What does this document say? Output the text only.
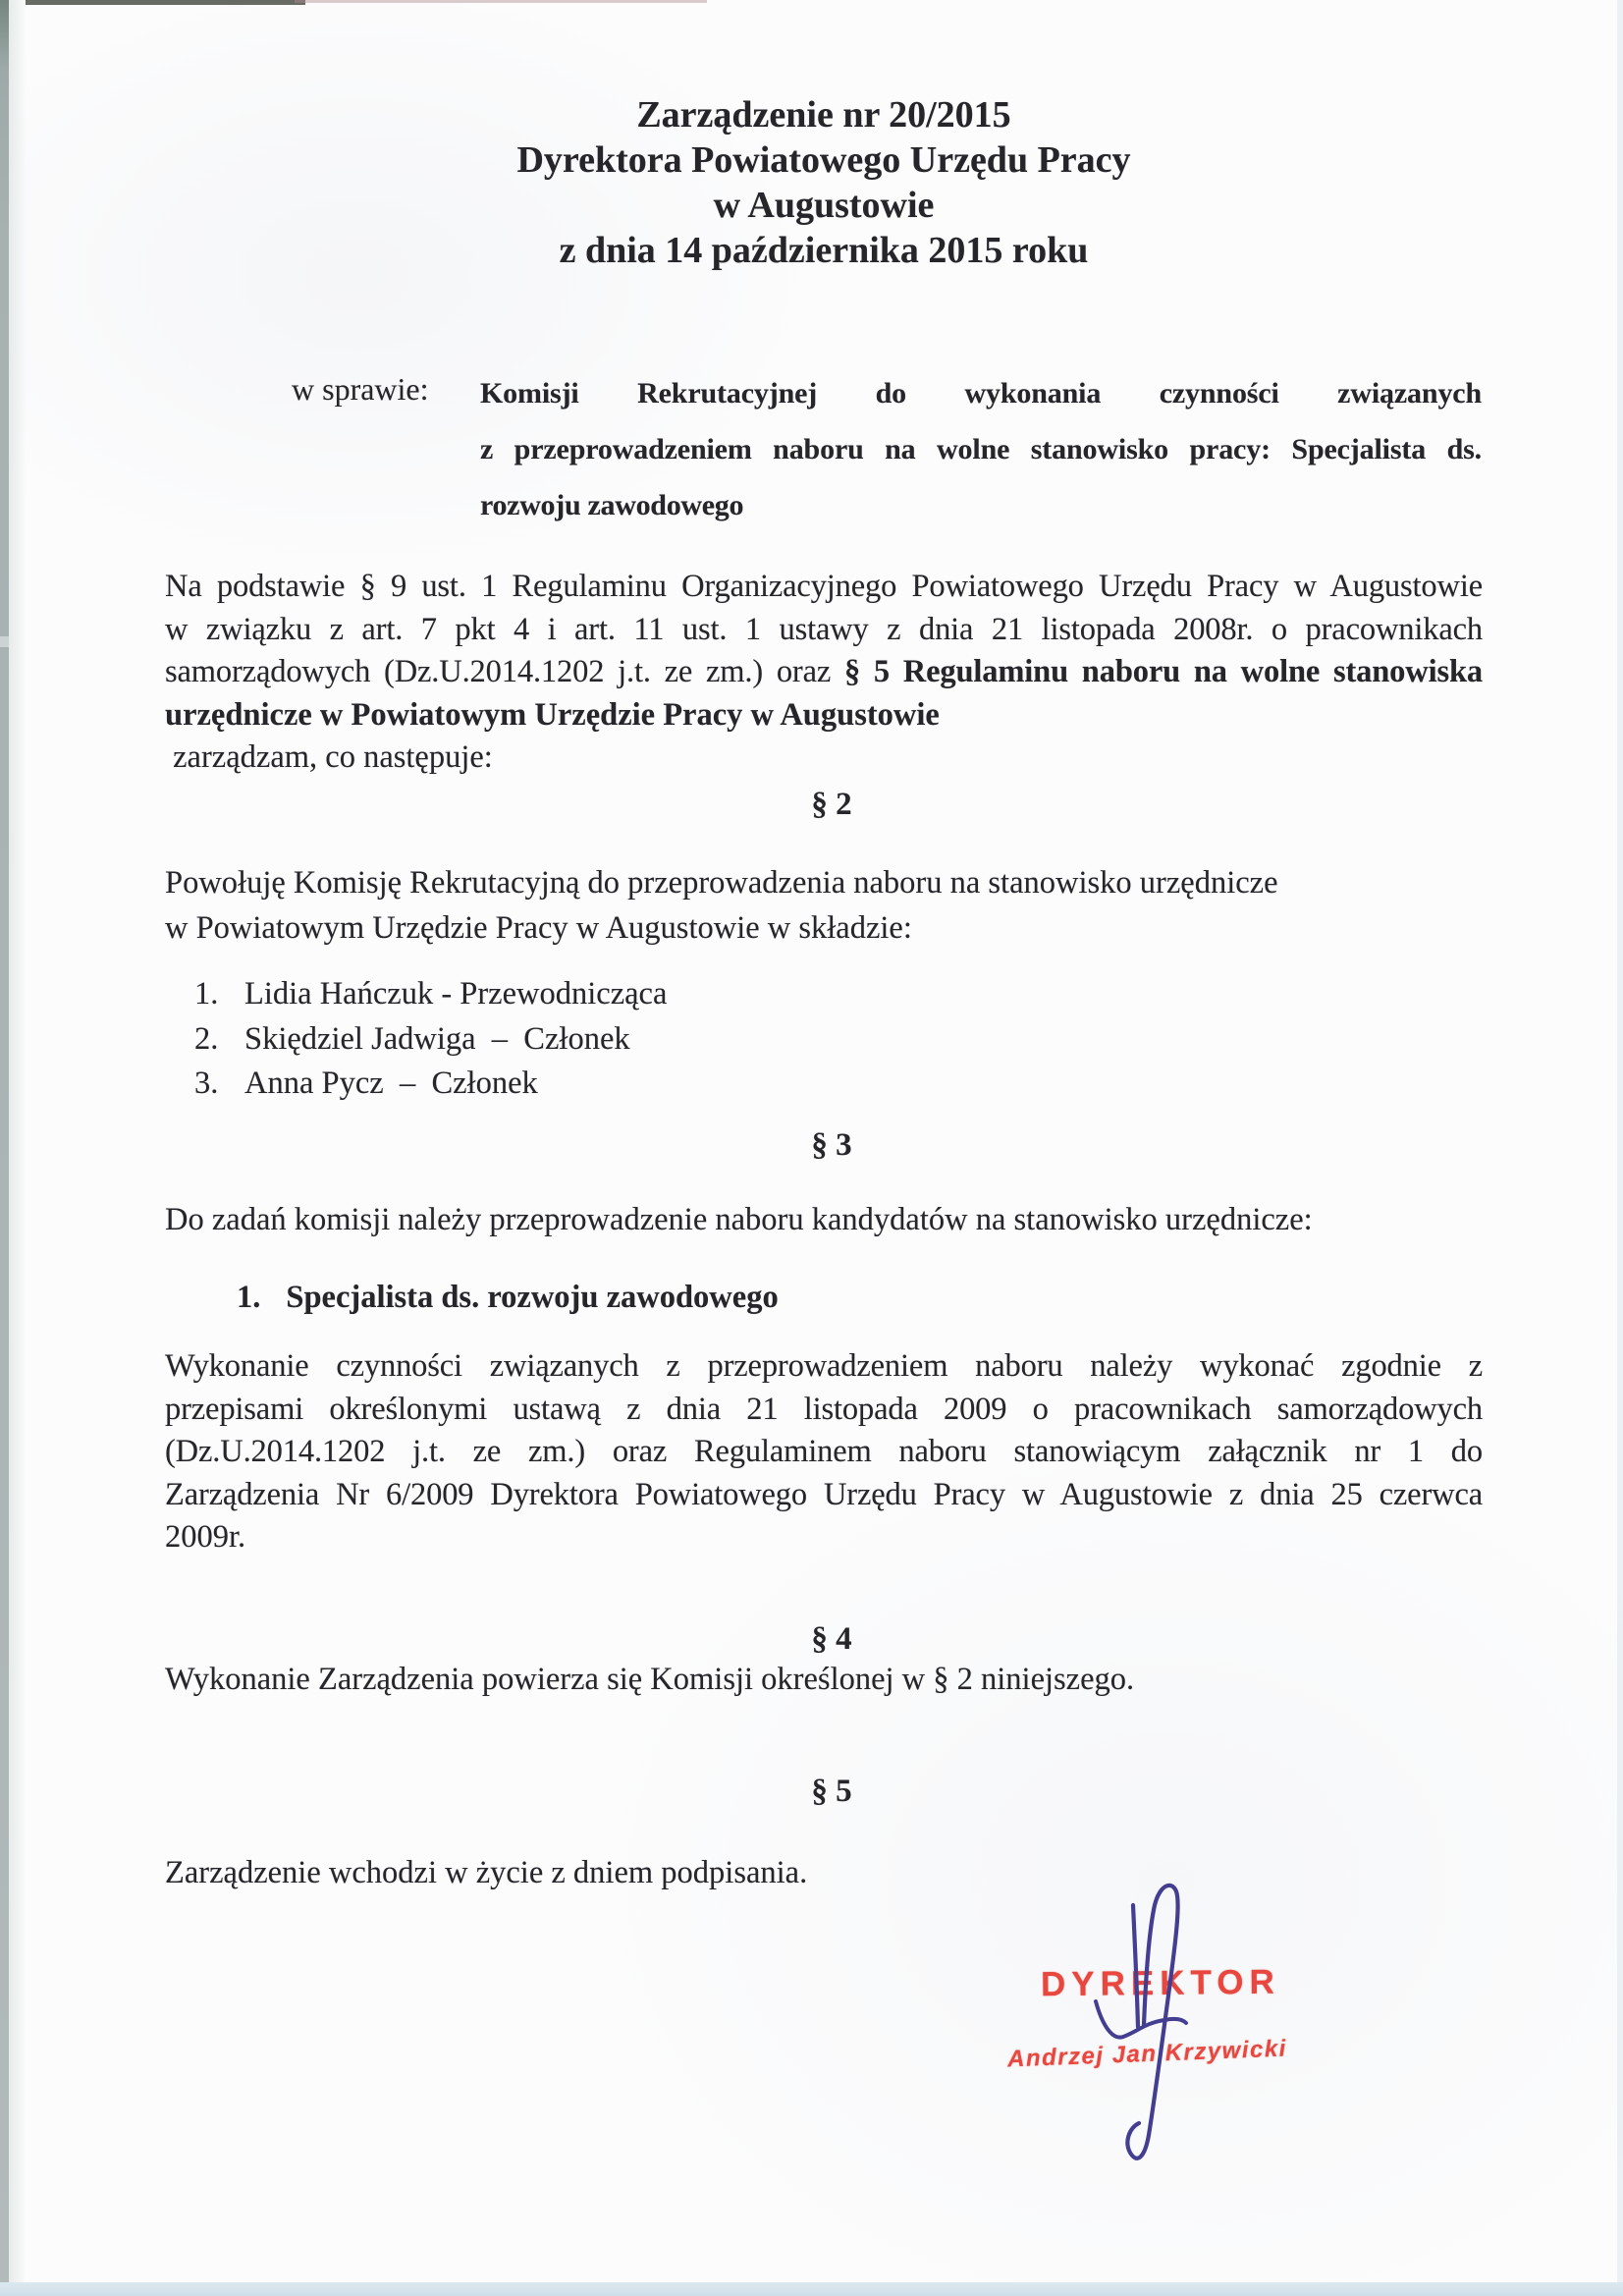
Zarządzenie nr 20/2015
Dyrektora Powiatowego Urzędu Pracy
w Augustowie
z dnia 14 października 2015 roku
w sprawie: Komisji Rekrutacyjnej do wykonania czynności związanych
z przeprowadzeniem naboru na wolne stanowisko pracy: Specjalista ds.
rozwoju zawodowego
Na podstawie § 9 ust. 1 Regulaminu Organizacyjnego Powiatowego Urzędu Pracy w Augustowie
w związku z art. 7 pkt 4 i art. 11 ust. 1 ustawy z dnia 21 listopada 2008r. o pracownikach
samorządowych (Dz.U.2014.1202 j.t. ze zm.) oraz § 5 Regulaminu naboru na wolne stanowiska
urzędnicze w Powiatowym Urzędzie Pracy w Augustowie
zarządzam, co następuje:
§ 2
Powołuję Komisję Rekrutacyjną do przeprowadzenia naboru na stanowisko urzędnicze
w Powiatowym Urzędzie Pracy w Augustowie w składzie:
1. Lidia Hańczuk - Przewodnicząca
2. Skiędziel Jadwiga  –  Członek
3. Anna Pycz  –  Członek
§ 3
Do zadań komisji należy przeprowadzenie naboru kandydatów na stanowisko urzędnicze:
1. Specjalista ds. rozwoju zawodowego
Wykonanie czynności związanych z przeprowadzeniem naboru należy wykonać zgodnie z
przepisami określonymi ustawą z dnia 21 listopada 2009 o pracownikach samorządowych
(Dz.U.2014.1202 j.t. ze zm.) oraz Regulaminem naboru stanowiącym załącznik nr 1 do
Zarządzenia Nr 6/2009 Dyrektora Powiatowego Urzędu Pracy w Augustowie z dnia 25 czerwca
2009r.
§ 4
Wykonanie Zarządzenia powierza się Komisji określonej w § 2 niniejszego.
§ 5
Zarządzenie wchodzi w życie z dniem podpisania.
DYREKTOR
Andrzej Jan Krzywicki
